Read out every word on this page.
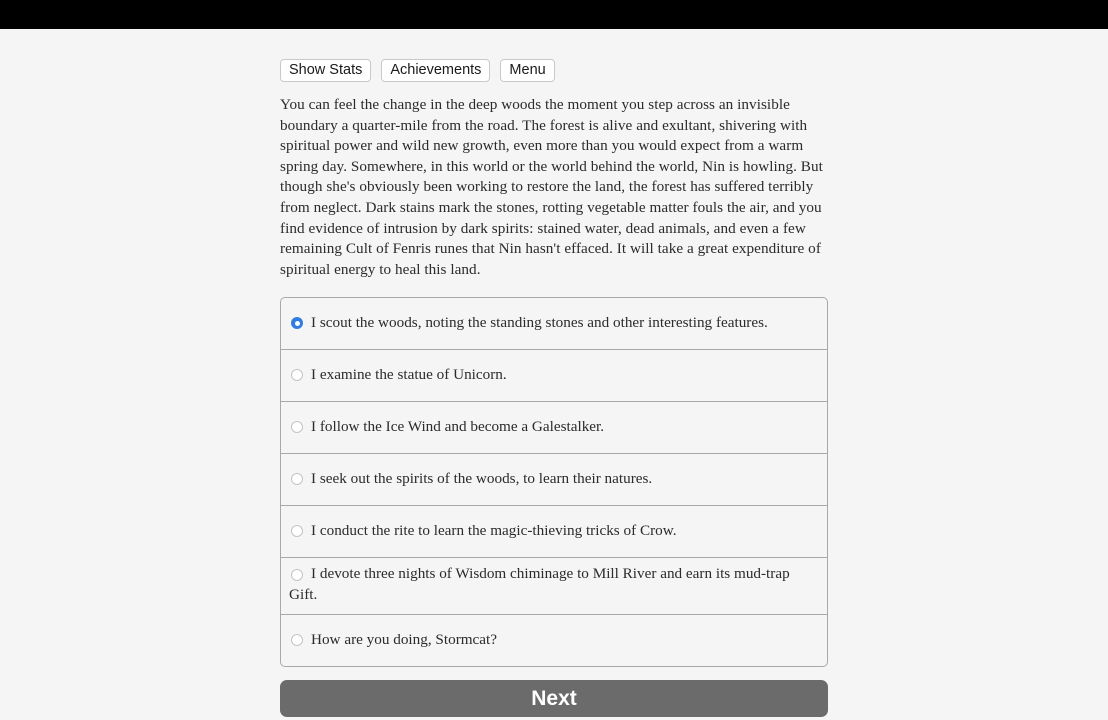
Show Stats	Achievements	Menu

You can feel the change in the deep woods the moment you step across an invisible boundary a quarter-mile from the road. The forest is alive and exultant, shivering with spiritual power and wild new growth, even more than you would expect from a warm spring day. Somewhere, in this world or the world behind the world, Nin is howling. But though she's obviously been working to restore the land, the forest has suffered terribly from neglect. Dark stains mark the stones, rotting vegetable matter fouls the air, and you find evidence of intrusion by dark spirits: stained water, dead animals, and even a few remaining Cult of Fenris runes that Nin hasn't effaced. It will take a great expenditure of spiritual energy to heal this land.

I scout the woods, noting the standing stones and other interesting features.
I examine the statue of Unicorn.
I follow the Ice Wind and become a Galestalker.
I seek out the spirits of the woods, to learn their natures.
I conduct the rite to learn the magic-thieving tricks of Crow.
I devote three nights of Wisdom chiminage to Mill River and earn its mud-trap Gift.
How are you doing, Stormcat?
Next
